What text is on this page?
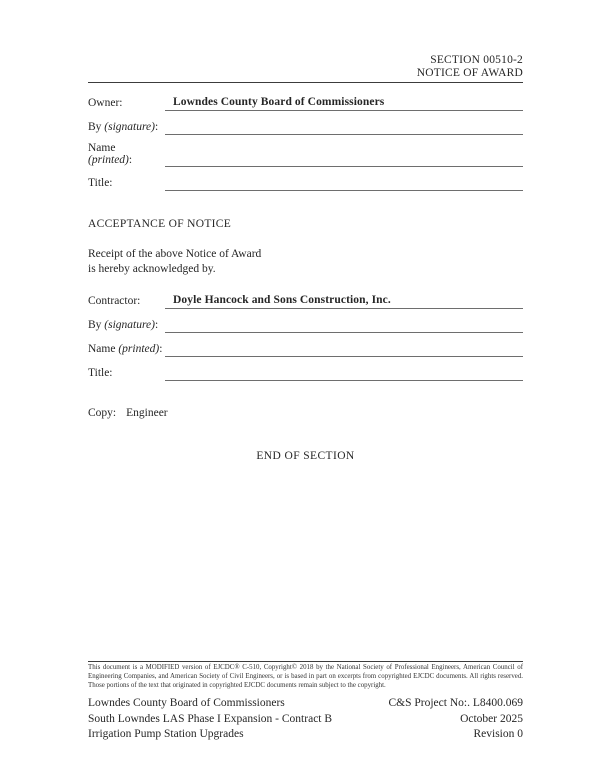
SECTION 00510-2
NOTICE OF AWARD
Owner:	Lowndes County Board of Commissioners
By (signature):
Name
(printed):
Title:
ACCEPTANCE OF NOTICE
Receipt of the above Notice of Award
is hereby acknowledged by.
Contractor:	Doyle Hancock and Sons Construction, Inc.
By (signature):
Name (printed):
Title:
Copy: Engineer
END OF SECTION
This document is a MODIFIED version of EJCDC® C-510, Copyright© 2018 by the National Society of Professional Engineers, American Council of Engineering Companies, and American Society of Civil Engineers, or is based in part on excerpts from copyrighted EJCDC documents. All rights reserved. Those portions of the text that originated in copyrighted EJCDC documents remain subject to the copyright.
Lowndes County Board of Commissioners
South Lowndes LAS Phase I Expansion - Contract B
Irrigation Pump Station Upgrades
C&S Project No:. L8400.069
October 2025
Revision 0
